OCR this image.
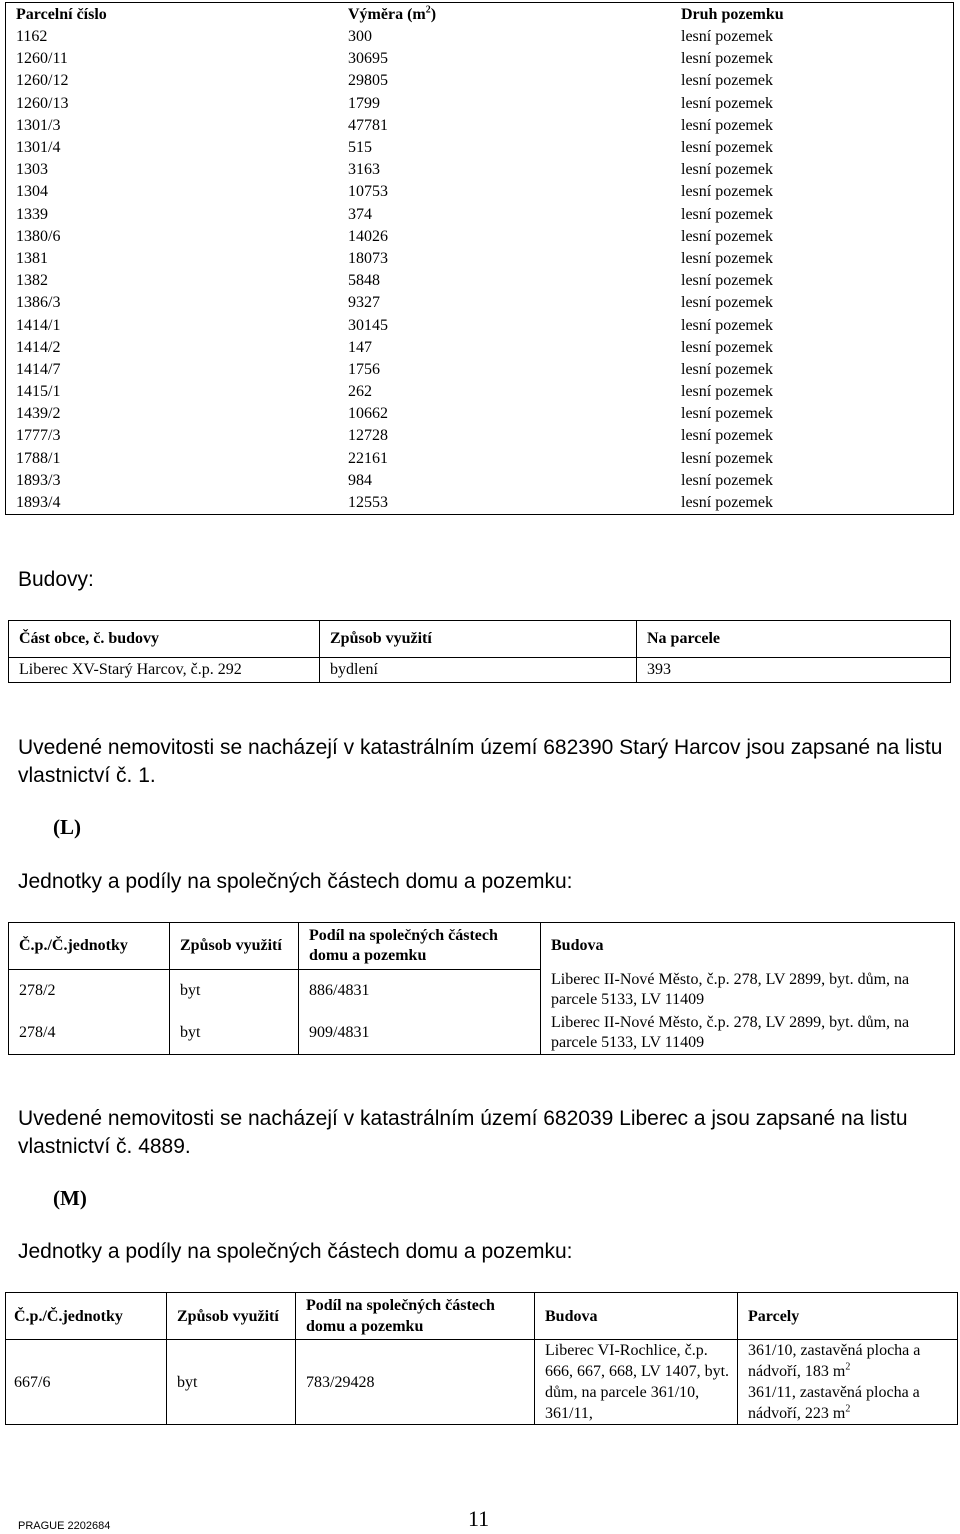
Parcelní číslo	Výměra $(m^2)$	Druh pozemku
1162	300	lesní pozemek
1260/11	30695	lesní pozemek
1260/12	29805	lesní pozemek
1260/13	1799	lesní pozemek
1301/3	47781	lesní pozemek
1301/4	515	lesní pozemek
1303	3163	lesní pozemek
1304	10753	lesní pozemek
1339	374	lesní pozemek
1380/6	14026	lesní pozemek
1381	18073	lesní pozemek
1382	5848	lesní pozemek
1386/3	9327	lesní pozemek
1414/1	30145	lesní pozemek
1414/2	147	lesní pozemek
1414/7	1756	lesní pozemek
1415/1	262	lesní pozemek
1439/2	10662	lesní pozemek
1777/3	12728	lesní pozemek
1788/1	22161	lesní pozemek
1893/3	984	lesní pozemek
1893/4	12553	lesní pozemek
Budovy:
Část obce, č. budovy	Způsob využití	Na parcele
Liberec XV-Starý Harcov, č.p. 292	bydlení	393
Uvedené nemovitosti se nacházejí v katastrálním území 682390 Starý Harcov jsou zapsané na listu vlastnictví č. 1.
(L)
Jednotky a podíly na společných částech domu a pozemku:
Č.p./Č.jednotky	Způsob využití	Podíl na společných částech domu a pozemku	Budova
278/2	byt	886/4831	Liberec II-Nové Město, č.p. 278, LV 2899, byt. dům, na parcele 5133, LV 11409
278/4	byt	909/4831	Liberec II-Nové Město, č.p. 278, LV 2899, byt. dům, na parcele 5133, LV 11409
Uvedené nemovitosti se nacházejí v katastrálním území 682039 Liberec a jsou zapsané na listu vlastnictví č. 4889.
(M)
Jednotky a podíly na společných částech domu a pozemku:
Č.p./Č.jednotky	Způsob využití	Podíl na společných částech domu a pozemku	Budova	Parcely
667/6	byt	783/29428	Liberec VI-Rochlice, č.p. 666, 667, 668, LV 1407, byt. dům, na parcele 361/10, 361/11,	361/10, zastavěná plocha a nádvoří, 183 $m^2$
361/11, zastavěná plocha a nádvoří, 223 $m^2$
PRAGUE 2202684	11
